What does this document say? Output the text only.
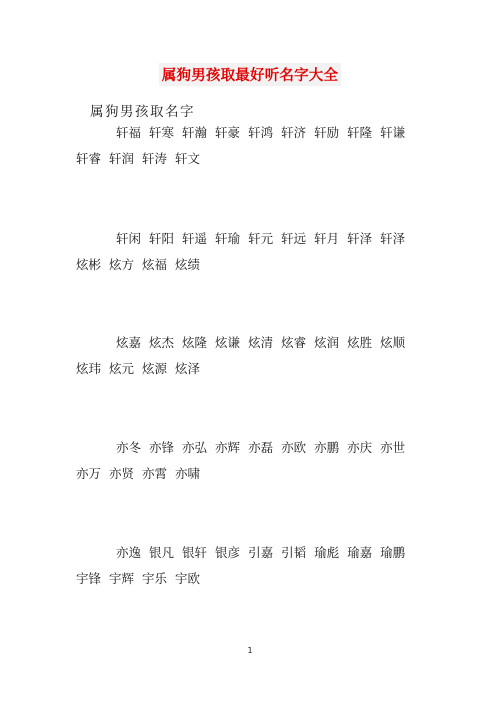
属狗男孩取最好听名字大全
属狗男孩取名字
轩福 轩寒 轩瀚 轩豪 轩鸿 轩济 轩励 轩隆 轩谦
轩睿 轩润 轩涛 轩文
轩闲 轩阳 轩遥 轩瑜 轩元 轩远 轩月 轩泽 轩泽
炫彬 炫方 炫福 炫绩
炫嘉 炫杰 炫隆 炫谦 炫清 炫睿 炫润 炫胜 炫顺
炫玮 炫元 炫源 炫泽
亦冬 亦锋 亦弘 亦辉 亦磊 亦欧 亦鹏 亦庆 亦世
亦万 亦贤 亦霄 亦啸
亦逸 银凡 银轩 银彦 引嘉 引韬 瑜彪 瑜嘉 瑜鹏
宇锋 宇辉 宇乐 宇欧
1
